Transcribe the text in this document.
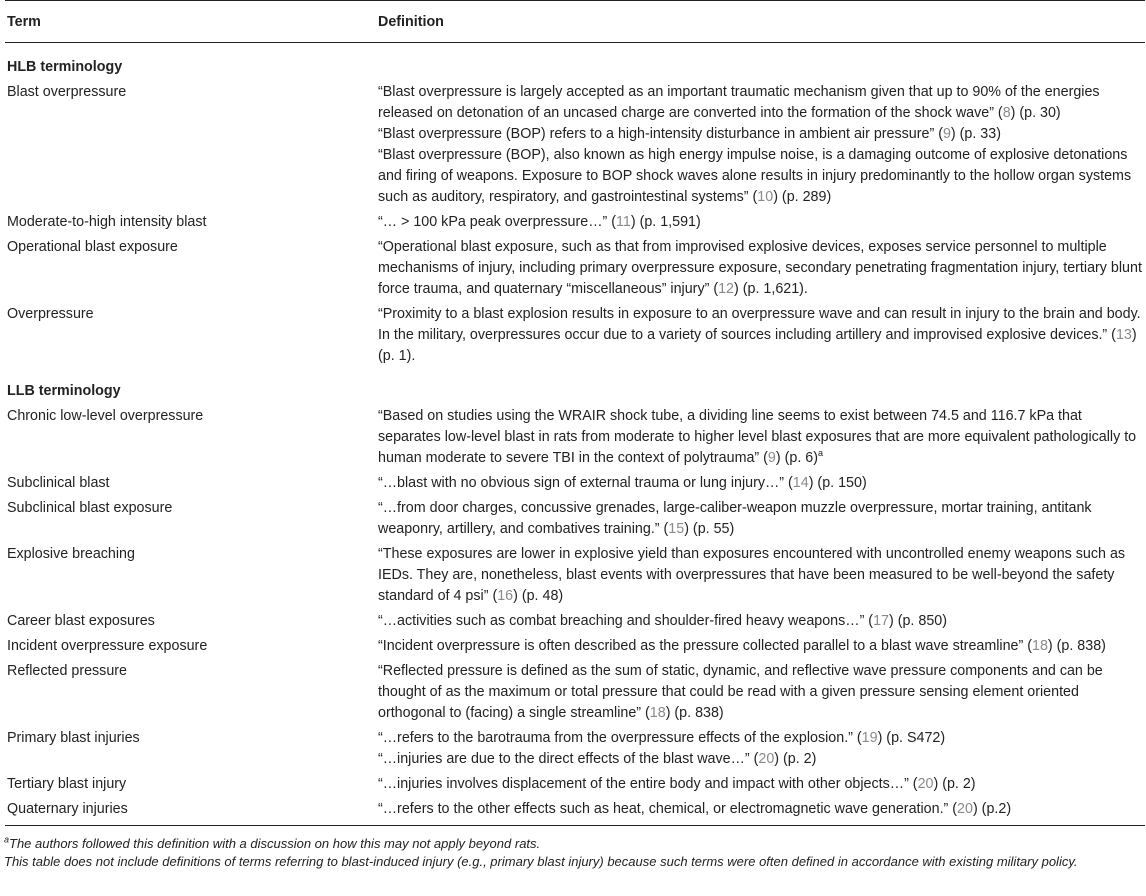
Term	Definition
HLB terminology
Blast overpressure	“Blast overpressure is largely accepted as an important traumatic mechanism given that up to 90% of the energies released on detonation of an uncased charge are converted into the formation of the shock wave” (8) (p. 30)

“Blast overpressure (BOP) refers to a high-intensity disturbance in ambient air pressure” (9) (p. 33)

“Blast overpressure (BOP), also known as high energy impulse noise, is a damaging outcome of explosive detonations and firing of weapons. Exposure to BOP shock waves alone results in injury predominantly to the hollow organ systems such as auditory, respiratory, and gastrointestinal systems” (10) (p. 289)

Moderate-to-high intensity blast	“… > 100 kPa peak overpressure…” (11) (p. 1,591)

Operational blast exposure	“Operational blast exposure, such as that from improvised explosive devices, exposes service personnel to multiple mechanisms of injury, including primary overpressure exposure, secondary penetrating fragmentation injury, tertiary blunt force trauma, and quaternary “miscellaneous” injury” (12) (p. 1,621).

Overpressure	“Proximity to a blast explosion results in exposure to an overpressure wave and can result in injury to the brain and body. In the military, overpressures occur due to a variety of sources including artillery and improvised explosive devices.” (13) (p. 1).

LLB terminology
Chronic low-level overpressure	“Based on studies using the WRAIR shock tube, a dividing line seems to exist between 74.5 and 116.7 kPa that separates low-level blast in rats from moderate to higher level blast exposures that are more equivalent pathologically to human moderate to severe TBI in the context of polytrauma” (9) (p. 6)$^a$

Subclinical blast	“…blast with no obvious sign of external trauma or lung injury…” (14) (p. 150)

Subclinical blast exposure	“…from door charges, concussive grenades, large-caliber-weapon muzzle overpressure, mortar training, antitank weaponry, artillery, and combatives training.” (15) (p. 55)

Explosive breaching	“These exposures are lower in explosive yield than exposures encountered with uncontrolled enemy weapons such as IEDs. They are, nonetheless, blast events with overpressures that have been measured to be well-beyond the safety standard of 4 psi” (16) (p. 48)

Career blast exposures	“…activities such as combat breaching and shoulder-fired heavy weapons…” (17) (p. 850)

Incident overpressure exposure	“Incident overpressure is often described as the pressure collected parallel to a blast wave streamline” (18) (p. 838)

Reflected pressure	“Reflected pressure is defined as the sum of static, dynamic, and reflective wave pressure components and can be thought of as the maximum or total pressure that could be read with a given pressure sensing element oriented orthogonal to (facing) a single streamline” (18) (p. 838)

Primary blast injuries	“…refers to the barotrauma from the overpressure effects of the explosion.” (19) (p. S472)

“…injuries are due to the direct effects of the blast wave…” (20) (p. 2)

Tertiary blast injury	“…injuries involves displacement of the entire body and impact with other objects…” (20) (p. 2)

Quaternary injuries	“…refers to the other effects such as heat, chemical, or electromagnetic wave generation.” (20) (p.2)

$^a$The authors followed this definition with a discussion on how this may not apply beyond rats.
This table does not include definitions of terms referring to blast-induced injury (e.g., primary blast injury) because such terms were often defined in accordance with existing military policy.
